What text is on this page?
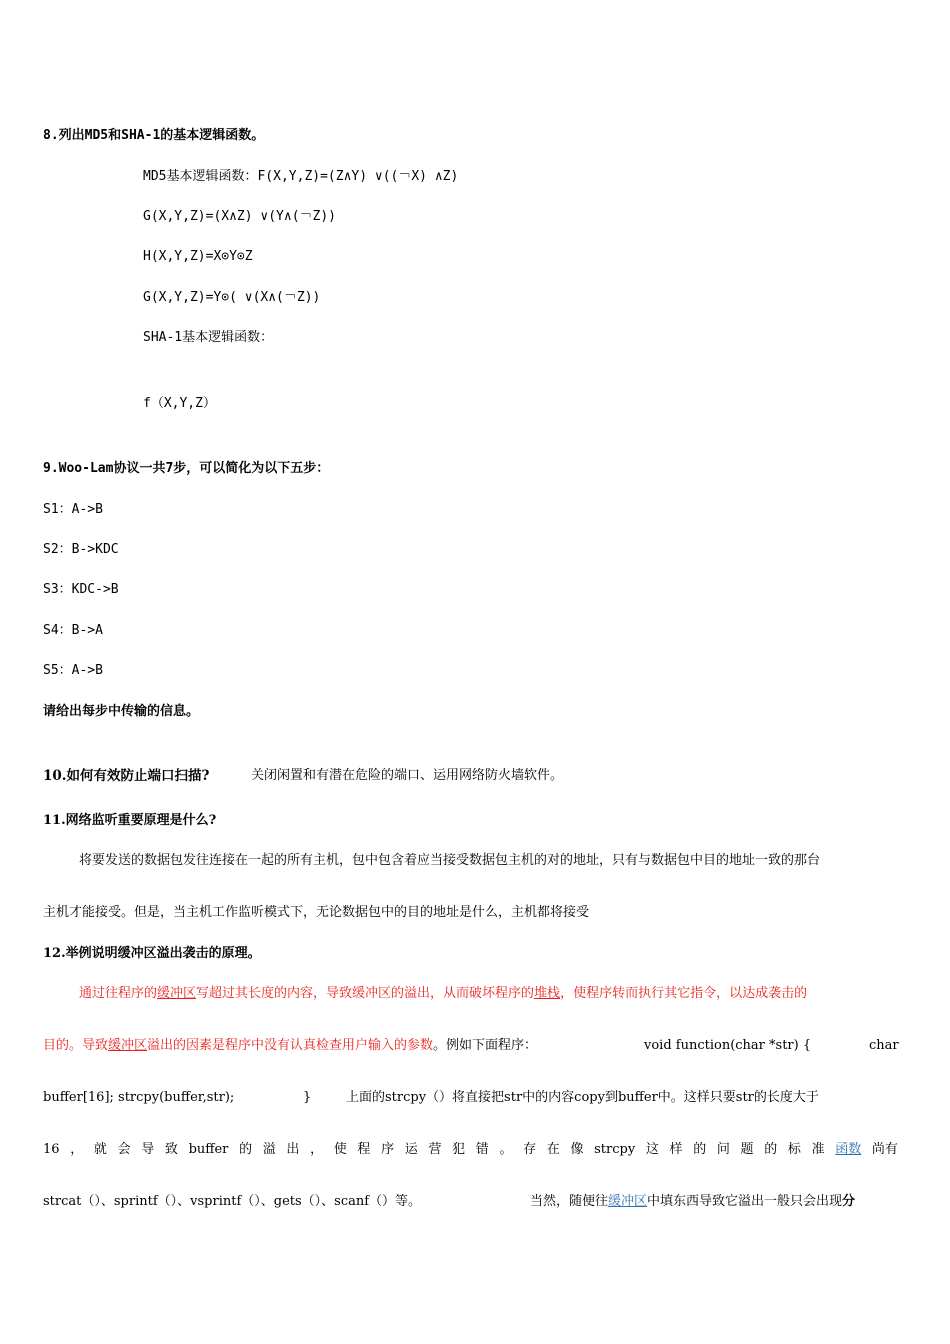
8.列出MD5和SHA-1的基本逻辑函数。
MD5基本逻辑函数：F(X,Y,Z)=(Z∧Y) ∨((￢X) ∧Z)
G(X,Y,Z)=(X∧Z) ∨(Y∧(￢Z))
H(X,Y,Z)=X⊙Y⊙Z
G(X,Y,Z)=Y⊙( ∨(X∧(￢Z))
SHA-1基本逻辑函数：
f（X,Y,Z）
9.Woo-Lam协议一共7步，可以简化为以下五步：
S1：A->B
S2：B->KDC
S3：KDC->B
S4：B->A
S5：A->B
请给出每步中传输的信息。
10.如何有效防止端口扫描?	关闭闲置和有潜在危险的端口、运用网络防火墙软件。
11.网络监听重要原理是什么?
将要发送的数据包发往连接在一起的所有主机，包中包含着应当接受数据包主机的对的地址，只有与数据包中目的地址一致的那台
主机才能接受。但是，当主机工作监听模式下，无论数据包中的目的地址是什么，主机都将接受
12.举例说明缓冲区溢出袭击的原理。
通过往程序的缓冲区写超过其长度的内容，导致缓冲区的溢出，从而破坏程序的堆栈，使程序转而执行其它指令，以达成袭击的
目的。导致缓冲区溢出的因素是程序中没有认真检查用户输入的参数。例如下面程序：	void function(char *str) {	char
buffer[16]; strcpy(buffer,str);	}	上面的strcpy（）将直接把str中的内容copy到buffer中。这样只要str的长度大于
16 ， 就 会 导 致 buffer 的 溢 出 ， 使 程 序 运 营 犯 错 。 存 在 像 strcpy 这 样 的 问 题 的 标 准 函数 尚有
strcat（）、sprintf（）、vsprintf（）、gets（）、scanf（）等。	当然，随便往缓冲区中填东西导致它溢出一般只会出现分
